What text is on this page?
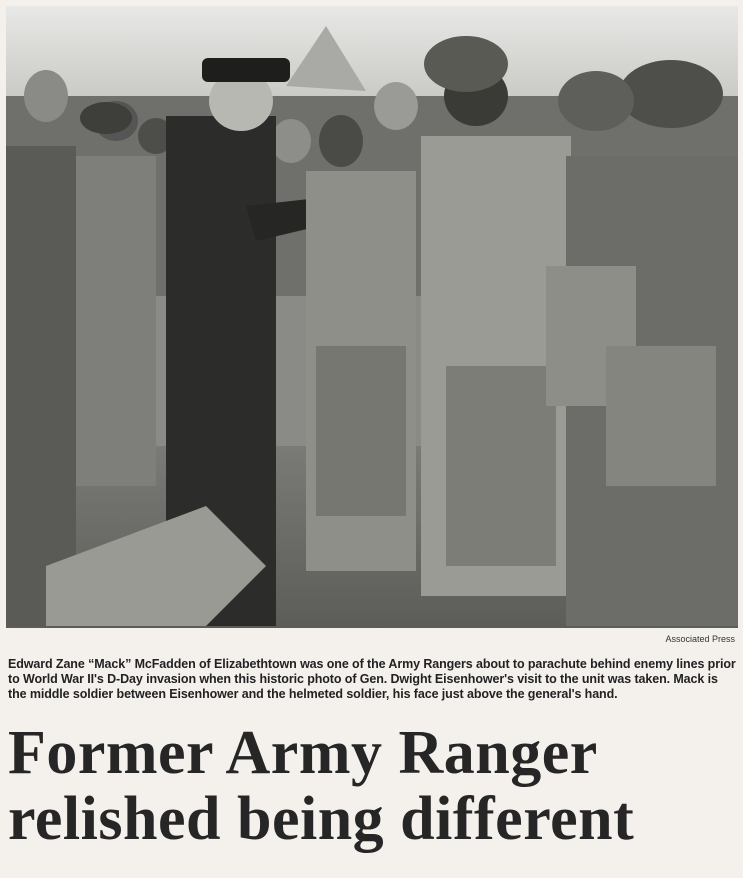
Associated Press

Edward Zane “Mack” McFadden of Elizabethtown was one of the Army Rangers about to parachute behind enemy lines prior to World War II's D-Day invasion when this historic photo of Gen. Dwight Eisenhower's visit to the unit was taken. Mack is the middle soldier between Eisenhower and the helmeted soldier, his face just above the general's hand.

Former Army Ranger
relished being different
